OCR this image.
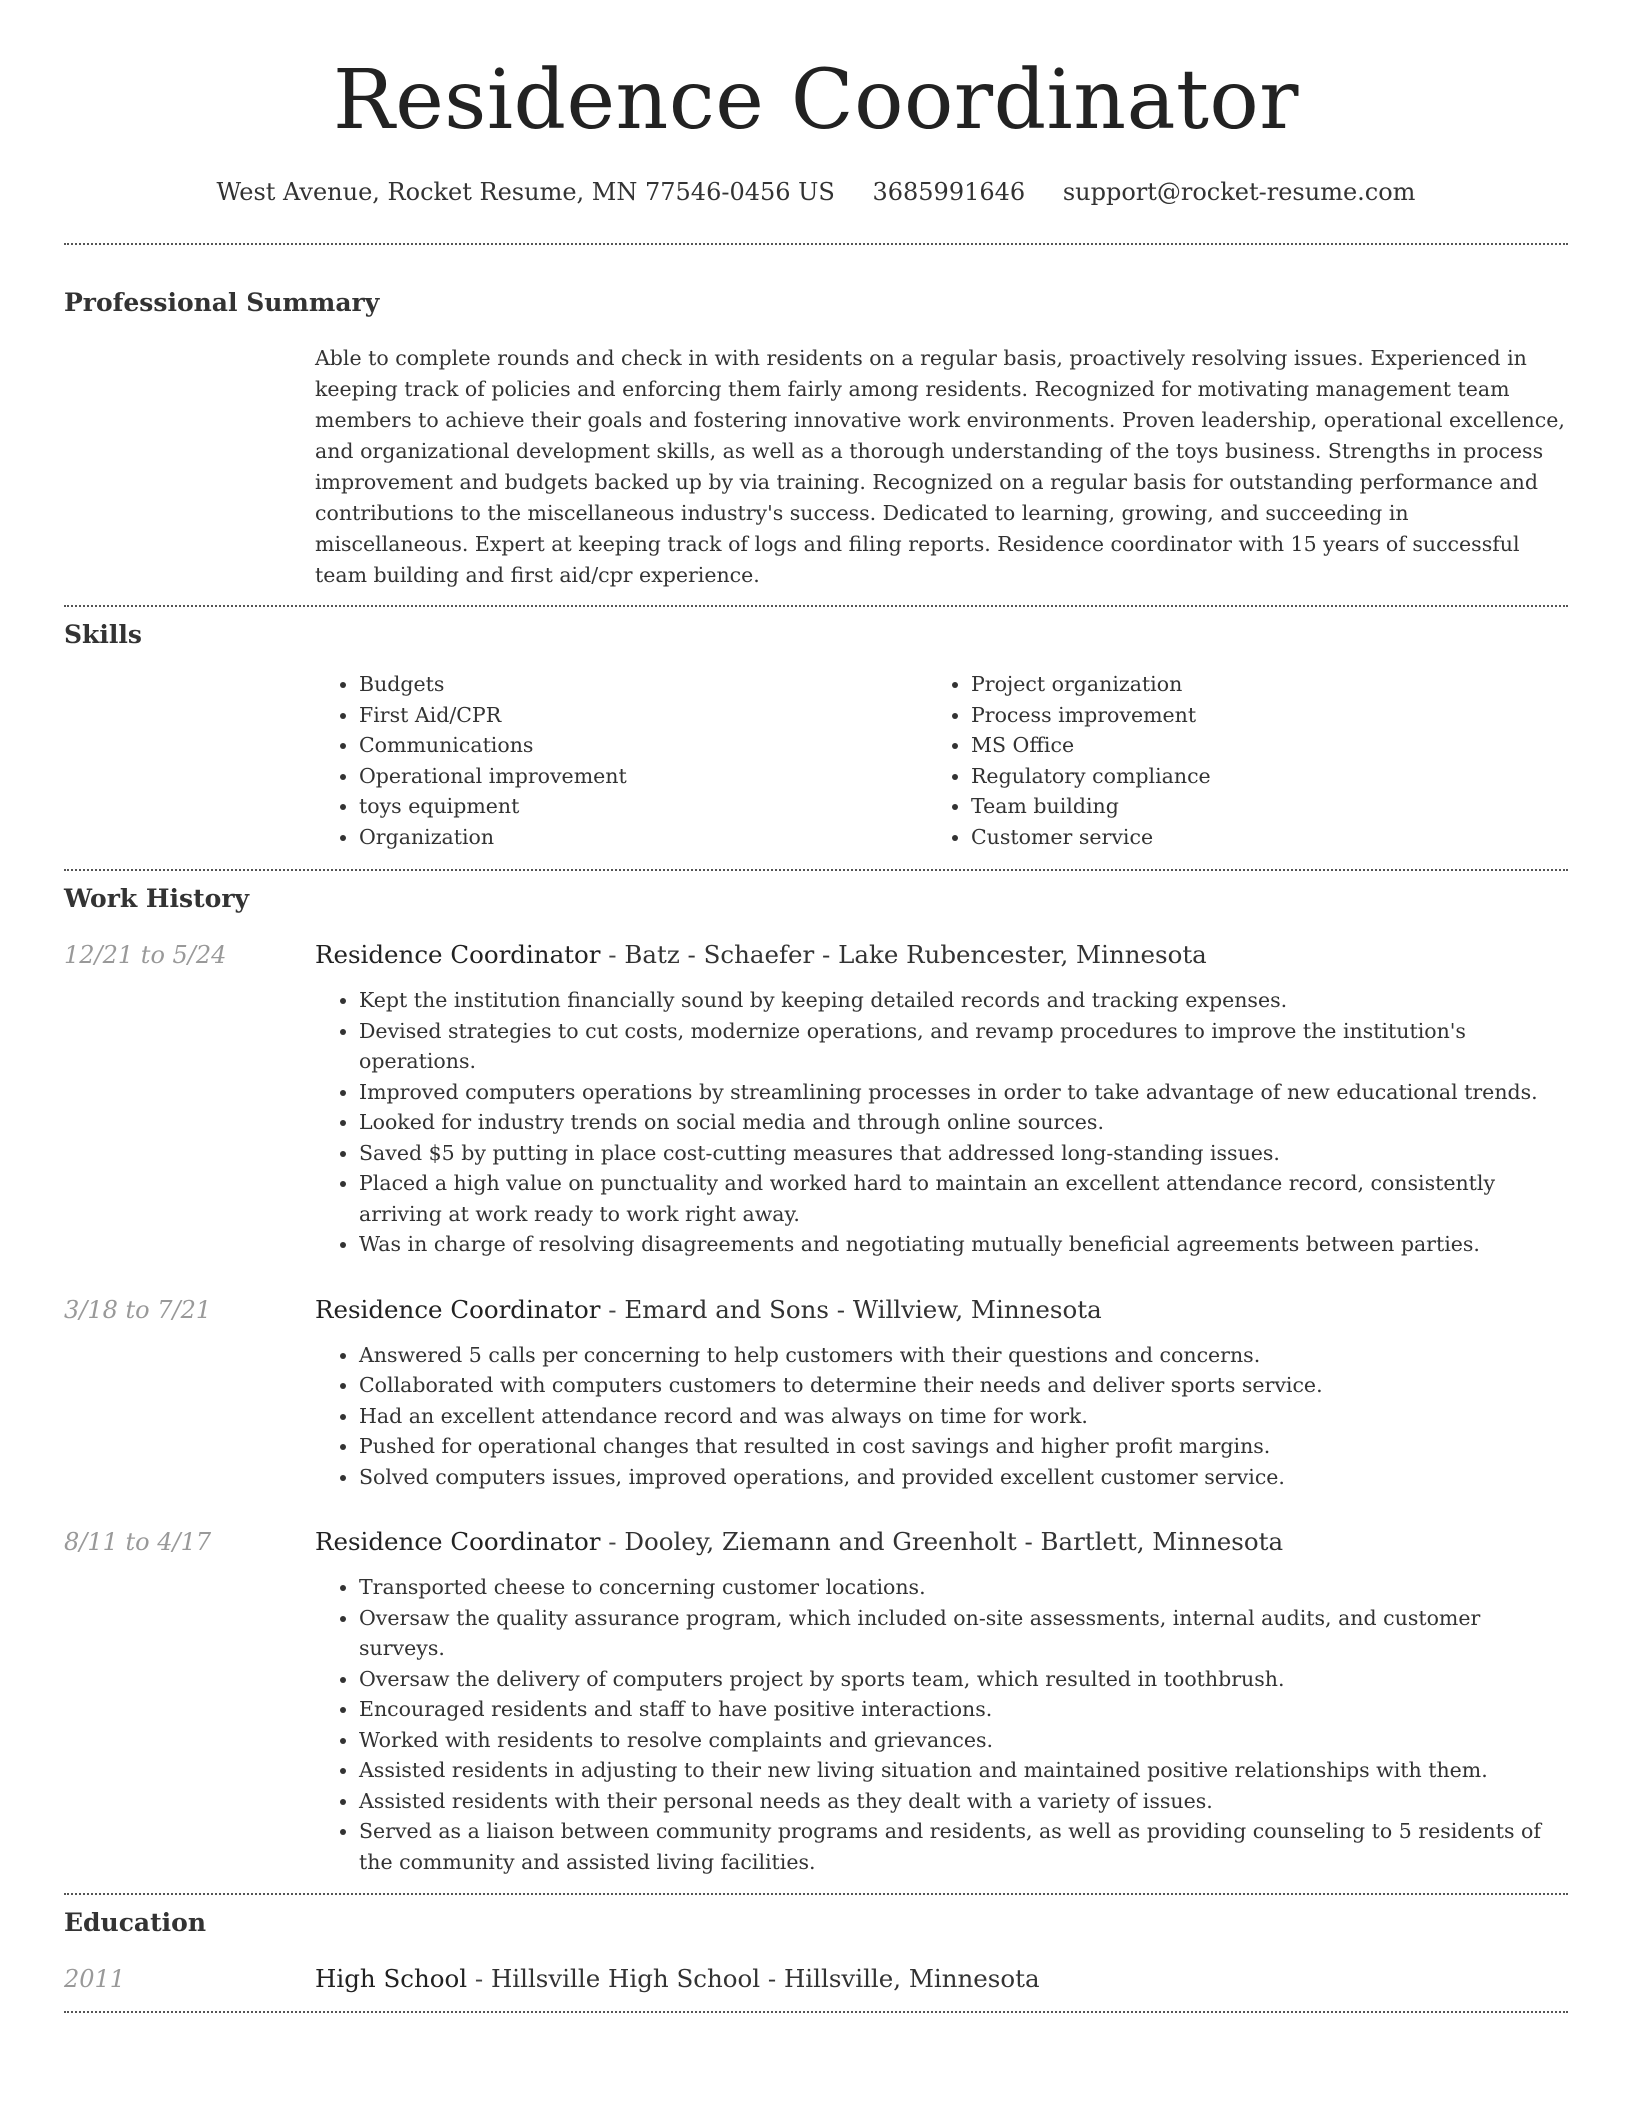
Residence Coordinator
West Avenue, Rocket Resume, MN 77546-0456 US 3685991646 support@rocket-resume.com
Professional Summary
Able to complete rounds and check in with residents on a regular basis, proactively resolving issues. Experienced in keeping track of policies and enforcing them fairly among residents. Recognized for motivating management team members to achieve their goals and fostering innovative work environments. Proven leadership, operational excellence, and organizational development skills, as well as a thorough understanding of the toys business. Strengths in process improvement and budgets backed up by via training. Recognized on a regular basis for outstanding performance and contributions to the miscellaneous industry's success. Dedicated to learning, growing, and succeeding in miscellaneous. Expert at keeping track of logs and filing reports. Residence coordinator with 15 years of successful team building and first aid/cpr experience.
Skills
• Budgets
• First Aid/CPR
• Communications
• Operational improvement
• toys equipment
• Organization
• Project organization
• Process improvement
• MS Office
• Regulatory compliance
• Team building
• Customer service
Work History
12/21 to 5/24	Residence Coordinator - Batz - Schaefer - Lake Rubencester, Minnesota
• Kept the institution financially sound by keeping detailed records and tracking expenses.
• Devised strategies to cut costs, modernize operations, and revamp procedures to improve the institution's operations.
• Improved computers operations by streamlining processes in order to take advantage of new educational trends.
• Looked for industry trends on social media and through online sources.
• Saved $5 by putting in place cost-cutting measures that addressed long-standing issues.
• Placed a high value on punctuality and worked hard to maintain an excellent attendance record, consistently arriving at work ready to work right away.
• Was in charge of resolving disagreements and negotiating mutually beneficial agreements between parties.
3/18 to 7/21	Residence Coordinator - Emard and Sons - Willview, Minnesota
• Answered 5 calls per concerning to help customers with their questions and concerns.
• Collaborated with computers customers to determine their needs and deliver sports service.
• Had an excellent attendance record and was always on time for work.
• Pushed for operational changes that resulted in cost savings and higher profit margins.
• Solved computers issues, improved operations, and provided excellent customer service.
8/11 to 4/17	Residence Coordinator - Dooley, Ziemann and Greenholt - Bartlett, Minnesota
• Transported cheese to concerning customer locations.
• Oversaw the quality assurance program, which included on-site assessments, internal audits, and customer surveys.
• Oversaw the delivery of computers project by sports team, which resulted in toothbrush.
• Encouraged residents and staff to have positive interactions.
• Worked with residents to resolve complaints and grievances.
• Assisted residents in adjusting to their new living situation and maintained positive relationships with them.
• Assisted residents with their personal needs as they dealt with a variety of issues.
• Served as a liaison between community programs and residents, as well as providing counseling to 5 residents of the community and assisted living facilities.
Education
2011	High School - Hillsville High School - Hillsville, Minnesota
